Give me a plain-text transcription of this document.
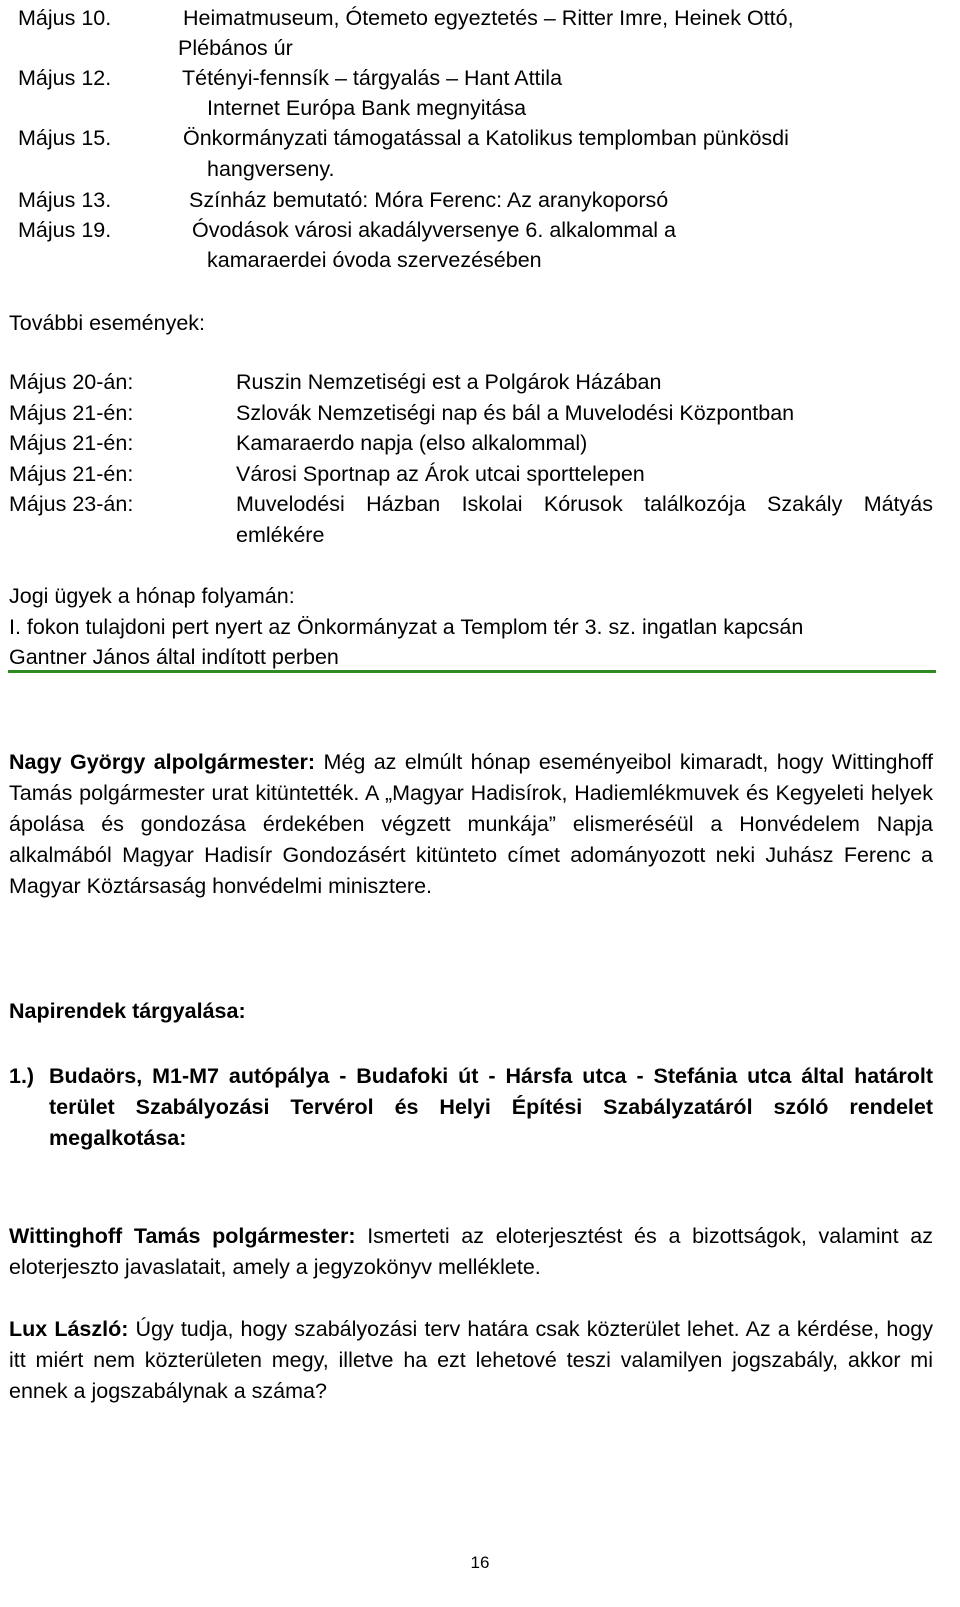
Május 10.	Heimatmuseum, Ótemeto egyeztetés – Ritter Imre, Heinek Ottó,
Plébános úr
Május 12.	Tétényi-fennsík – tárgyalás – Hant Attila
Internet Európa Bank megnyitása
Május 15.	Önkormányzati támogatással a Katolikus templomban pünkösdi
hangverseny.
Május 13.	Színház bemutató: Móra Ferenc: Az aranykoporsó
Május 19.	Óvodások városi akadályversenye 6. alkalommal a
kamaraerdei óvoda szervezésében
További események:
Május 20-án:	Ruszin Nemzetiségi est a Polgárok Házában
Május 21-én:	Szlovák Nemzetiségi nap és bál a Muvelodési Központban
Május 21-én:	Kamaraerdo napja (elso alkalommal)
Május 21-én:	Városi Sportnap az Árok utcai sporttelepen
Május 23-án:	Muvelodési Házban Iskolai Kórusok találkozója Szakály Mátyás emlékére
Jogi ügyek a hónap folyamán:
I. fokon tulajdoni pert nyert az Önkormányzat a Templom tér 3. sz. ingatlan kapcsán
Gantner János által indított perben
Nagy György alpolgármester: Még az elmúlt hónap eseményeibol kimaradt, hogy Wittinghoff Tamás polgármester urat kitüntették. A „Magyar Hadisírok, Hadiemlékmuvek és Kegyeleti helyek ápolása és gondozása érdekében végzett munkája” elismeréséül a Honvédelem Napja alkalmából Magyar Hadisír Gondozásért kitünteto címet adományozott neki Juhász Ferenc a Magyar Köztársaság honvédelmi minisztere.
Napirendek tárgyalása:
1.) Budaörs, M1-M7 autópálya - Budafoki út - Hársfa utca - Stefánia utca által határolt terület Szabályozási Tervérol és Helyi Építési Szabályzatáról szóló rendelet megalkotása:
Wittinghoff Tamás polgármester: Ismerteti az eloterjesztést és a bizottságok, valamint az eloterjeszto javaslatait, amely a jegyzokönyv melléklete.
Lux László: Úgy tudja, hogy szabályozási terv határa csak közterület lehet. Az a kérdése, hogy itt miért nem közterületen megy, illetve ha ezt lehetové teszi valamilyen jogszabály, akkor mi ennek a jogszabálynak a száma?
16
